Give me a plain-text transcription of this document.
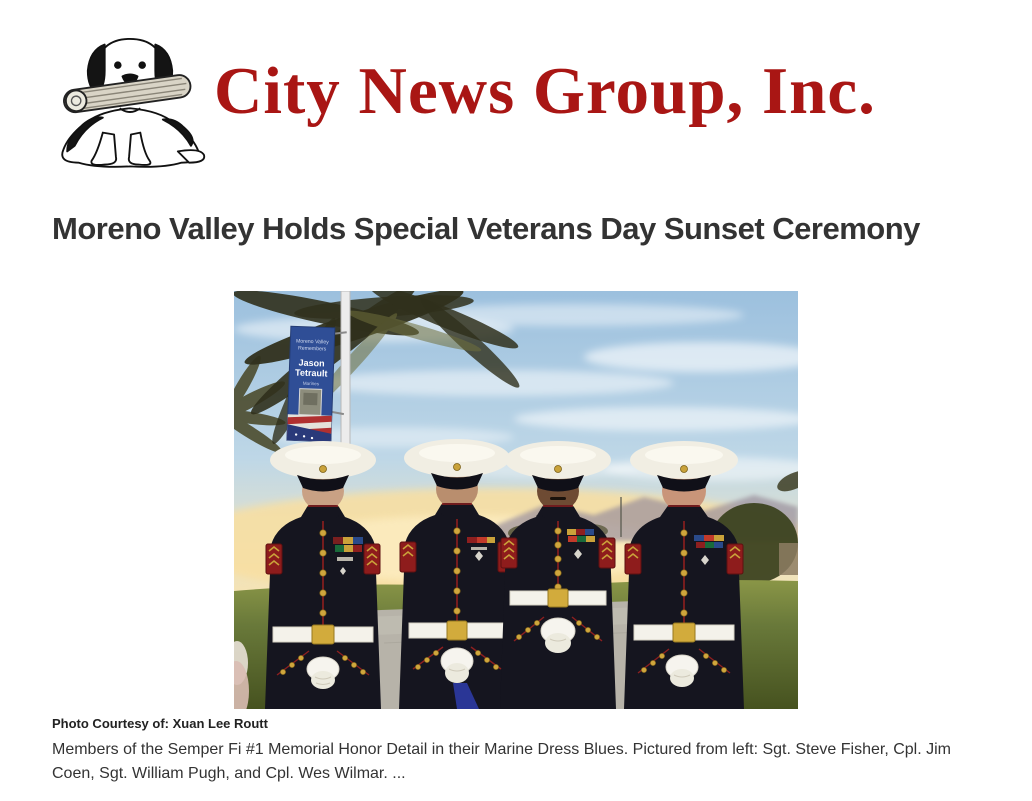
City News Group, Inc.
Moreno Valley Holds Special Veterans Day Sunset Ceremony
Moreno Valley
Remembers
Jason
Tetrault
Marines
Photo Courtesy of: Xuan Lee Routt
Members of the Semper Fi #1 Memorial Honor Detail in their Marine Dress Blues. Pictured from left: Sgt. Steve Fisher, Cpl. Jim Coen, Sgt. William Pugh, and Cpl. Wes Wilmar. ...
